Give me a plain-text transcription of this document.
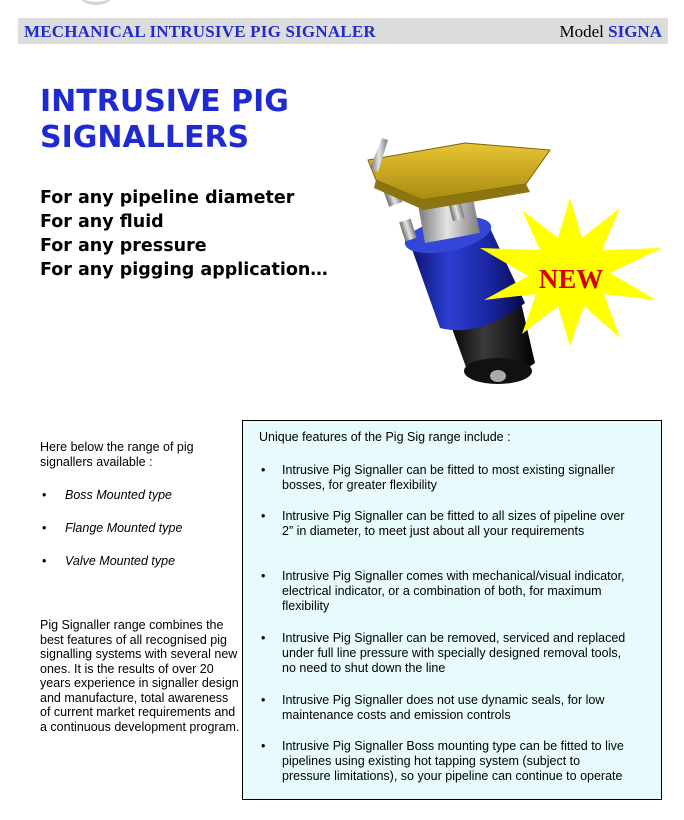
MECHANICAL INTRUSIVE PIG SIGNALER	Model SIGNA
INTRUSIVE PIG SIGNALLERS
For any pipeline diameter
For any fluid
For any pressure
For any pigging application…	NEW
Here below the range of pig signallers available :
• Boss Mounted type
• Flange Mounted type
• Valve Mounted type
Pig Signaller range combines the best features of all recognised pig signalling systems with several new ones. It is the results of over 20 years experience in signaller design and manufacture, total awareness of current market requirements and a continuous development program.
Unique features of the Pig Sig range include :
• Intrusive Pig Signaller can be fitted to most existing signaller bosses, for greater flexibility
• Intrusive Pig Signaller can be fitted to all sizes of pipeline over 2” in diameter, to meet just about all your requirements
• Intrusive Pig Signaller comes with mechanical/visual indicator, electrical indicator, or a combination of both, for maximum flexibility
• Intrusive Pig Signaller can be removed, serviced and replaced under full line pressure with specially designed removal tools, no need to shut down the line
• Intrusive Pig Signaller does not use dynamic seals, for low maintenance costs and emission controls
• Intrusive Pig Signaller Boss mounting type can be fitted to live pipelines using existing hot tapping system (subject to pressure limitations), so your pipeline can continue to operate
